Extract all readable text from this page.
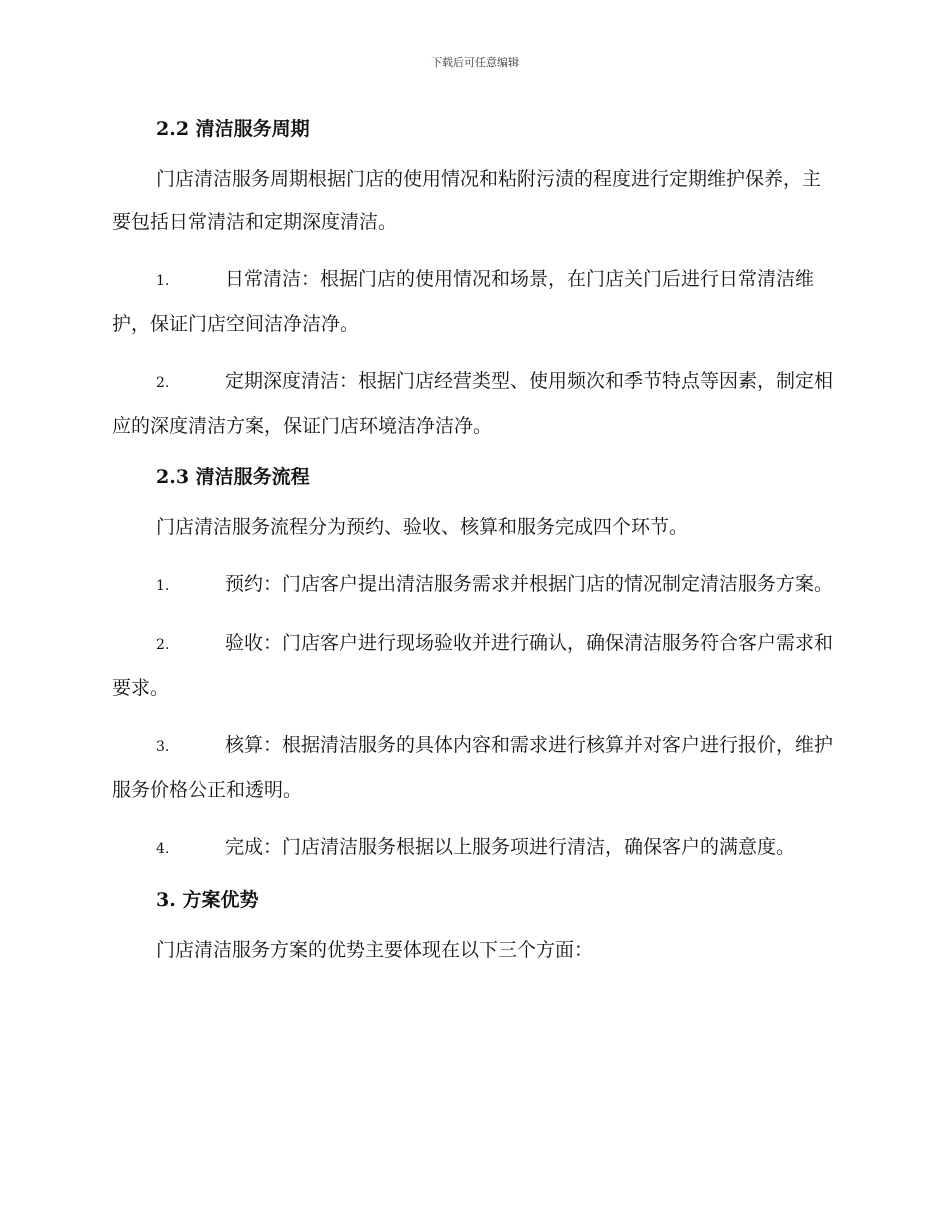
下载后可任意编辑
2.2 清洁服务周期

门店清洁服务周期根据门店的使用情况和粘附污渍的程度进行定期维护保养，主要包括日常清洁和定期深度清洁。

1.	日常清洁：根据门店的使用情况和场景，在门店关门后进行日常清洁维护，保证门店空间洁净洁净。

2.	定期深度清洁：根据门店经营类型、使用频次和季节特点等因素，制定相应的深度清洁方案，保证门店环境洁净洁净。

2.3 清洁服务流程

门店清洁服务流程分为预约、验收、核算和服务完成四个环节。

1.	预约：门店客户提出清洁服务需求并根据门店的情况制定清洁服务方案。

2.	验收：门店客户进行现场验收并进行确认，确保清洁服务符合客户需求和要求。

3.	核算：根据清洁服务的具体内容和需求进行核算并对客户进行报价，维护服务价格公正和透明。

4.	完成：门店清洁服务根据以上服务项进行清洁，确保客户的满意度。

3. 方案优势

门店清洁服务方案的优势主要体现在以下三个方面：
